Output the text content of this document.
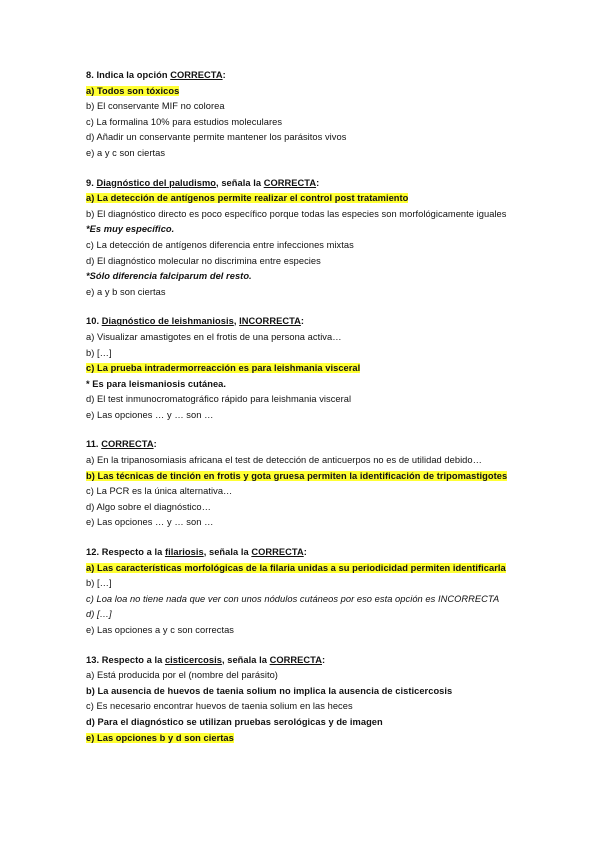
8. Indica la opción CORRECTA:
a) Todos son tóxicos
b) El conservante MIF no colorea
c) La formalina 10% para estudios moleculares
d) Añadir un conservante permite mantener los parásitos vivos
e) a y c son ciertas
9. Diagnóstico del paludismo, señala la CORRECTA:
a) La detección de antígenos permite realizar el control post tratamiento
b) El diagnóstico directo es poco específico porque todas las especies son morfológicamente iguales
*Es muy específico.
c) La detección de antígenos diferencia entre infecciones mixtas
d) El diagnóstico molecular no discrimina entre especies
*Sólo diferencia falciparum del resto.
e) a y b son ciertas
10. Diagnóstico de leishmaniosis, INCORRECTA:
a) Visualizar amastigotes en el frotis de una persona activa…
b) […]
c) La prueba intradermorreacción es para leishmania visceral
* Es para leismaniosis cutánea.
d) El test inmunocromatográfico rápido para leishmania visceral
e) Las opciones … y … son …
11. CORRECTA:
a) En la tripanosomiasis africana el test de detección de anticuerpos no es de utilidad debido…
b) Las técnicas de tinción en frotis y gota gruesa permiten la identificación de tripomastigotes
c) La PCR es la única alternativa…
d) Algo sobre el diagnóstico…
e) Las opciones … y … son …
12. Respecto a la filariosis, señala la CORRECTA:
a) Las características morfológicas de la filaria unidas a su periodicidad permiten identificarla
b) […]
c) Loa loa no tiene nada que ver con unos nódulos cutáneos por eso esta opción es INCORRECTA
d) […]
e) Las opciones a y c son correctas
13. Respecto a la cisticercosis, señala la CORRECTA:
a) Está producida por el (nombre del parásito)
b) La ausencia de huevos de taenia solium no implica la ausencia de cisticercosis
c) Es necesario encontrar huevos de taenia solium en las heces
d) Para el diagnóstico se utilizan pruebas serológicas y de imagen
e) Las opciones b y d son ciertas
